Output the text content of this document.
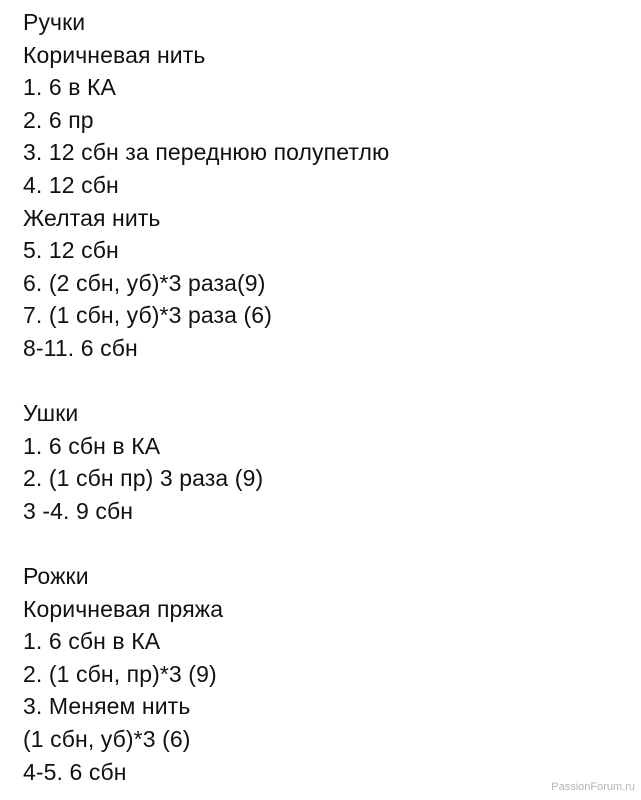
Ручки
Коричневая нить
1. 6 в КА
2. 6 пр
3. 12 сбн за переднюю полупетлю
4. 12 сбн
Желтая нить
5. 12 сбн
6. (2 сбн, уб)*3 раза(9)
7. (1 сбн, уб)*3 раза (6)
8-11. 6 сбн
Ушки
1. 6 сбн в КА
2. (1 сбн пр) 3 раза (9)
3 -4. 9 сбн
Рожки
Коричневая пряжа
1. 6 сбн в КА
2. (1 сбн, пр)*3 (9)
3. Меняем нить
(1 сбн, уб)*3 (6)
4-5. 6 сбн
PassionForum.ru
